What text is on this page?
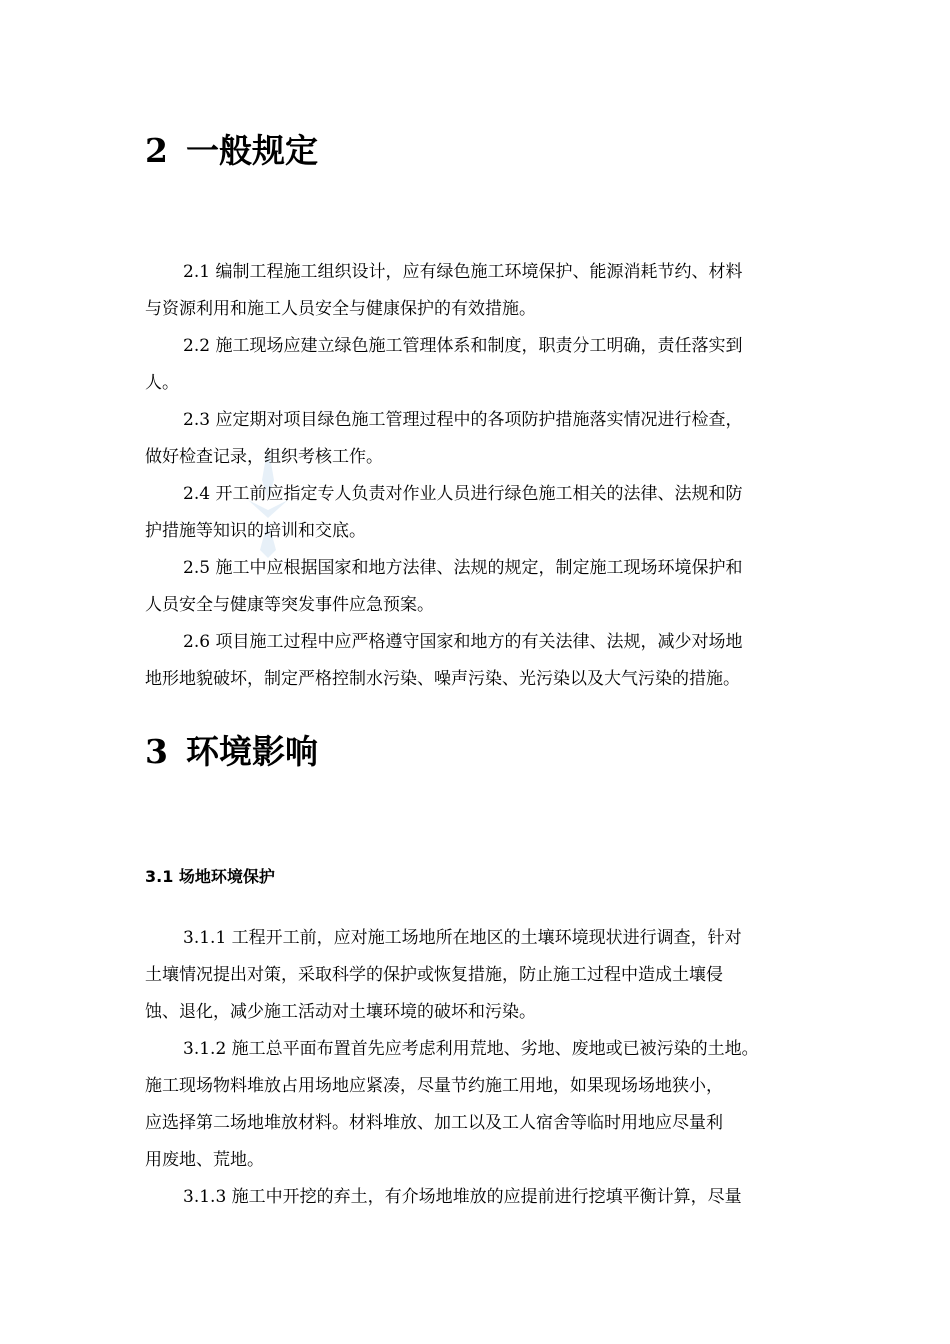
2 一般规定
2.1 编制工程施工组织设计，应有绿色施工环境保护、能源消耗节约、材料
与资源利用和施工人员安全与健康保护的有效措施。
2.2 施工现场应建立绿色施工管理体系和制度，职责分工明确，责任落实到
人。
2.3 应定期对项目绿色施工管理过程中的各项防护措施落实情况进行检查，
做好检查记录，组织考核工作。
2.4 开工前应指定专人负责对作业人员进行绿色施工相关的法律、法规和防
护措施等知识的培训和交底。
2.5 施工中应根据国家和地方法律、法规的规定，制定施工现场环境保护和
人员安全与健康等突发事件应急预案。
2.6 项目施工过程中应严格遵守国家和地方的有关法律、法规，减少对场地
地形地貌破坏，制定严格控制水污染、噪声污染、光污染以及大气污染的措施。
3 环境影响
3.1 场地环境保护
3.1.1 工程开工前，应对施工场地所在地区的土壤环境现状进行调查，针对
土壤情况提出对策，采取科学的保护或恢复措施，防止施工过程中造成土壤侵
蚀、退化，减少施工活动对土壤环境的破坏和污染。
3.1.2 施工总平面布置首先应考虑利用荒地、劣地、废地或已被污染的土地。
施工现场物料堆放占用场地应紧凑，尽量节约施工用地，如果现场场地狭小，
应选择第二场地堆放材料。材料堆放、加工以及工人宿舍等临时用地应尽量利
用废地、荒地。
3.1.3 施工中开挖的弃土，有介场地堆放的应提前进行挖填平衡计算，尽量
